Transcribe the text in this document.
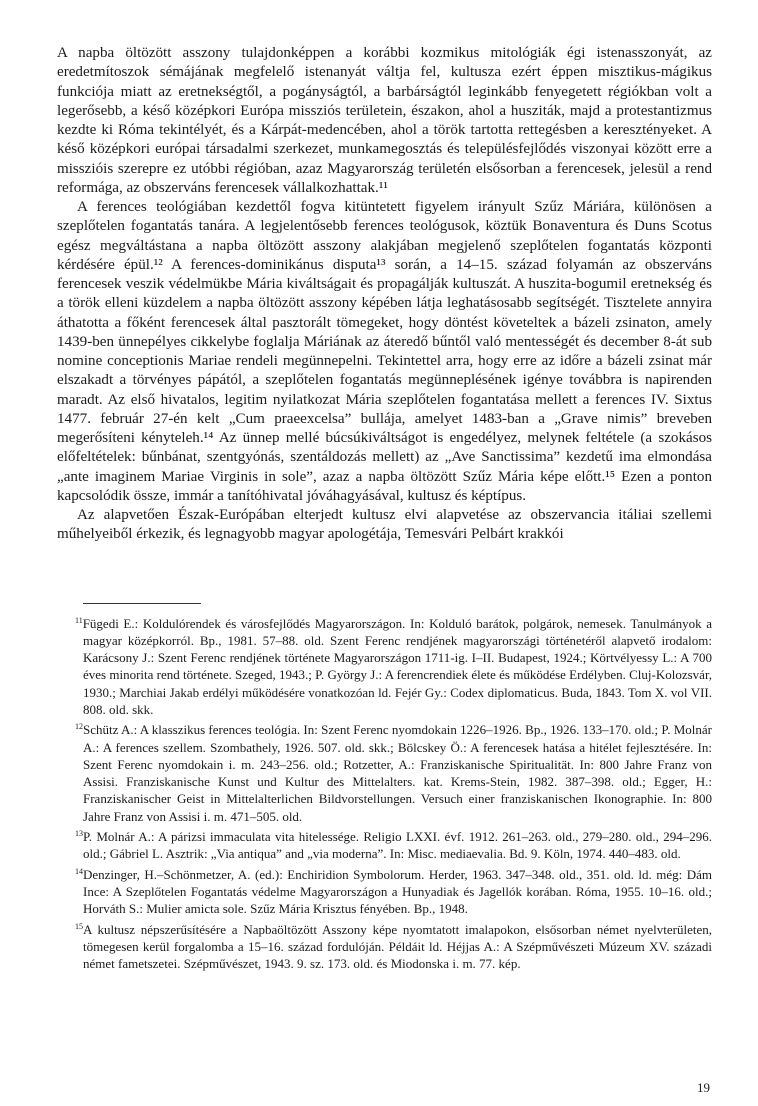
A napba öltözött asszony tulajdonképpen a korábbi kozmikus mitológiák égi istenasszonyát, az eredetmítoszok sémájának megfelelő istenanyát váltja fel, kultusza ezért éppen misztikus-mágikus funkciója miatt az eretnekségtől, a pogányságtól, a barbárságtól leginkább fenyegetett régiókban volt a legerősebb, a késő középkori Európa missziós területein, északon, ahol a husziták, majd a protestantizmus kezdte ki Róma tekintélyét, és a Kárpát-medencében, ahol a török tartotta rettegésben a keresztényeket. A késő középkori európai társadalmi szerkezet, munkamegosztás és településfejlődés viszonyai között erre a misszióis szerepre ez utóbbi régióban, azaz Magyarország területén elsősorban a ferencesek, jelesül a rend reformága, az obszerváns ferencesek vállalkozhattak.¹¹

A ferences teológiában kezdettől fogva kitüntetett figyelem irányult Szűz Máriára, különösen a szeplőtelen fogantatás tanára. A legjelentősebb ferences teológusok, köztük Bonaventura és Duns Scotus egész megváltástana a napba öltözött asszony alakjában megjelenő szeplőtelen fogantatás központi kérdésére épül.¹² A ferences-dominikánus disputa¹³ során, a 14–15. század folyamán az obszerváns ferencesek veszik védelmükbe Mária kiváltságait és propagálják kultuszát. A huszita-bogumil eretnekség és a török elleni küzdelem a napba öltözött asszony képében látja leghatásosabb segítségét. Tisztelete annyira áthatotta a főként ferencesek által pasztorált tömegeket, hogy döntést követeltek a bázeli zsinaton, amely 1439-ben ünnepélyes cikkelybe foglalja Máriának az áteredő bűntől való mentességét és december 8-át sub nomine conceptionis Mariae rendeli megünnepelni. Tekintettel arra, hogy erre az időre a bázeli zsinat már elszakadt a törvényes pápától, a szeplőtelen fogantatás megünneplésének igénye továbbra is napirenden maradt. Az első hivatalos, legitim nyilatkozat Mária szeplőtelen fogantatása mellett a ferences IV. Sixtus 1477. február 27-én kelt „Cum praeexcelsa” bullája, amelyet 1483-ban a „Grave nimis” breveben megerősíteni kényteleh.¹⁴ Az ünnep mellé búcsúkiváltságot is engedélyez, melynek feltétele (a szokásos előfeltételek: bűnbánat, szentgyónás, szentáldozás mellett) az „Ave Sanctissima” kezdetű ima elmondása „ante imaginem Mariae Virginis in sole”, azaz a napba öltözött Szűz Mária képe előtt.¹⁵ Ezen a ponton kapcsolódik össze, immár a tanítóhivatal jóváhagyásával, kultusz és képtípus.

Az alapvetően Észak-Európában elterjedt kultusz elvi alapvetése az obszervancia itáliai szellemi műhelyeiből érkezik, és legnagyobb magyar apologétája, Temesvári Pelbárt krakkói

$^{11}$Fügedi E.: Koldulórendek és városfejlődés Magyarországon. In: Kolduló barátok, polgárok, nemesek. Tanulmányok a magyar középkorról. Bp., 1981. 57–88. old. Szent Ferenc rendjének magyarországi történetéről alapvető irodalom: Karácsony J.: Szent Ferenc rendjének története Magyarországon 1711-ig. I–II. Budapest, 1924.; Körtvélyessy L.: A 700 éves minorita rend története. Szeged, 1943.; P. György J.: A ferencrendiek élete és működése Erdélyben. Cluj-Kolozsvár, 1930.; Marchiai Jakab erdélyi működésére vonatkozóan ld. Fejér Gy.: Codex diplomaticus. Buda, 1843. Tom X. vol VII. 808. old. skk.

$^{12}$Schütz A.: A klasszikus ferences teológia. In: Szent Ferenc nyomdokain 1226–1926. Bp., 1926. 133–170. old.; P. Molnár A.: A ferences szellem. Szombathely, 1926. 507. old. skk.; Bölcskey Ö.: A ferencesek hatása a hitélet fejlesztésére. In: Szent Ferenc nyomdokain i. m. 243–256. old.; Rotzetter, A.: Franziskanische Spiritualität. In: 800 Jahre Franz von Assisi. Franziskanische Kunst und Kultur des Mittelalters. kat. Krems-Stein, 1982. 387–398. old.; Egger, H.: Franziskanischer Geist in Mittelalterlichen Bildvorstellungen. Versuch einer franziskanischen Ikonographie. In: 800 Jahre Franz von Assisi i. m. 471–505. old.

$^{13}$P. Molnár A.: A párizsi immaculata vita hitelessége. Religio LXXI. évf. 1912. 261–263. old., 279–280. old., 294–296. old.; Gábriel L. Asztrik: „Via antiqua” and „via moderna”. In: Misc. mediaevalia. Bd. 9. Köln, 1974. 440–483. old.

$^{14}$Denzinger, H.–Schönmetzer, A. (ed.): Enchiridion Symbolorum. Herder, 1963. 347–348. old., 351. old. ld. még: Dám Ince: A Szeplőtelen Fogantatás védelme Magyarországon a Hunyadiak és Jagellók korában. Róma, 1955. 10–16. old.; Horváth S.: Mulier amicta sole. Szűz Mária Krisztus fényében. Bp., 1948.

$^{15}$A kultusz népszerűsítésére a Napbaöltözött Asszony képe nyomtatott imalapokon, elsősorban német nyelvterületen, tömegesen kerül forgalomba a 15–16. század fordulóján. Példáit ld. Héjjas A.: A Szépművészeti Múzeum XV. századi német fametszetei. Szépművészet, 1943. 9. sz. 173. old. és Miodonska i. m. 77. kép.

19
